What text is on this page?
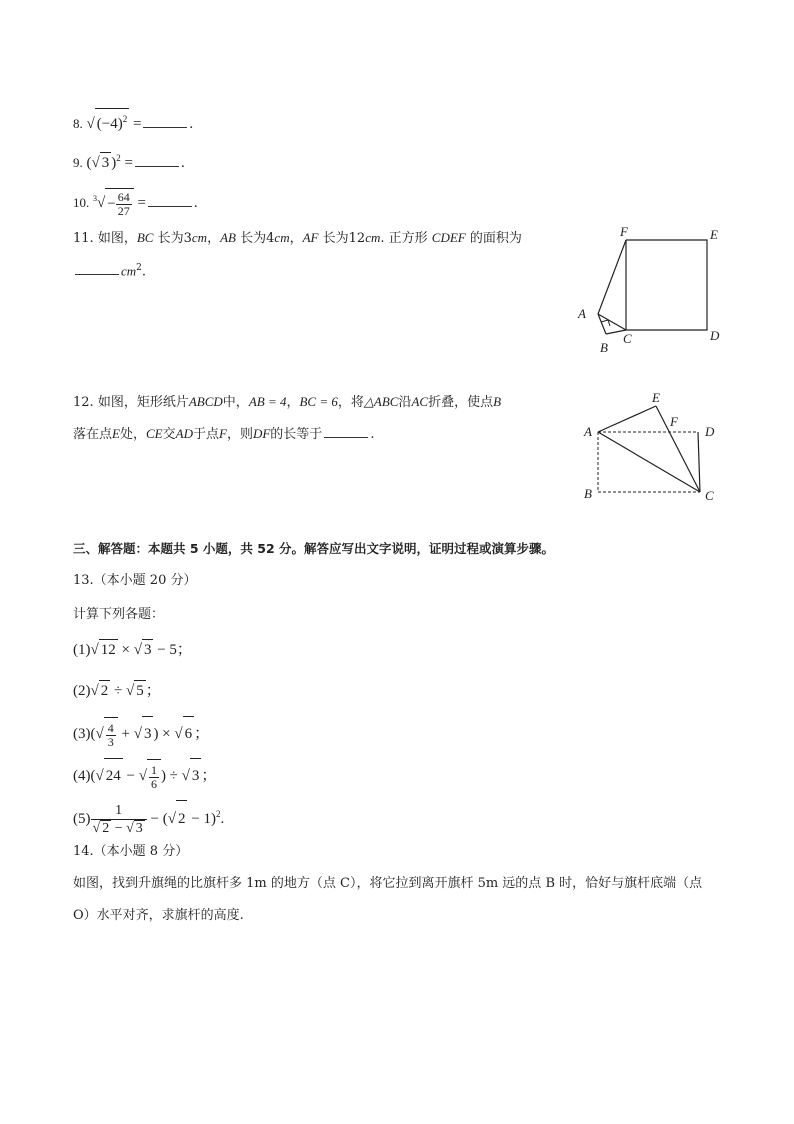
8. √ $(-4)^2$ =	.
9. (√ 3 )$^2$ =	.
10. $^3√ - \frac{64}{27}$ =	.
11. 如图，BC 长为3cm，AB 长为4cm，AF 长为12cm. 正方形 CDEF 的面积为
$cm^2$.
F	E
D
A
B
C
12. 如图，矩形纸片ABCD中，AB = 4，BC = 6，将△ABC沿AC折叠，使点B
落在点E处，CE交AD于点F，则DF的长等于	.	A
E
F
D
B	C
三、解答题：本题共 5 小题，共 52 分。解答应写出文字说明，证明过程或演算步骤。
13.（本小题 20 分）
计算下列各题：
(1)√ 12 × √ 3 − 5；
(2)√ 2 ÷ √ 5 ；
$(3)(√ \frac{4}{3}$ + √ 3 ) × √ 6 ；
(4)(√ 24 − √ $\frac{1}{6}$ ) ÷ √ 3 ；
$(5) \frac{1}{√ 2 - √ 3}$ − (√ 2 − 1)$^2$.
14.（本小题 8 分）
如图，找到升旗绳的比旗杆多 1m 的地方（点 C），将它拉到离开旗杆 5m 远的点 B 时，恰好与旗杆底端（点
O）水平对齐，求旗杆的高度.
